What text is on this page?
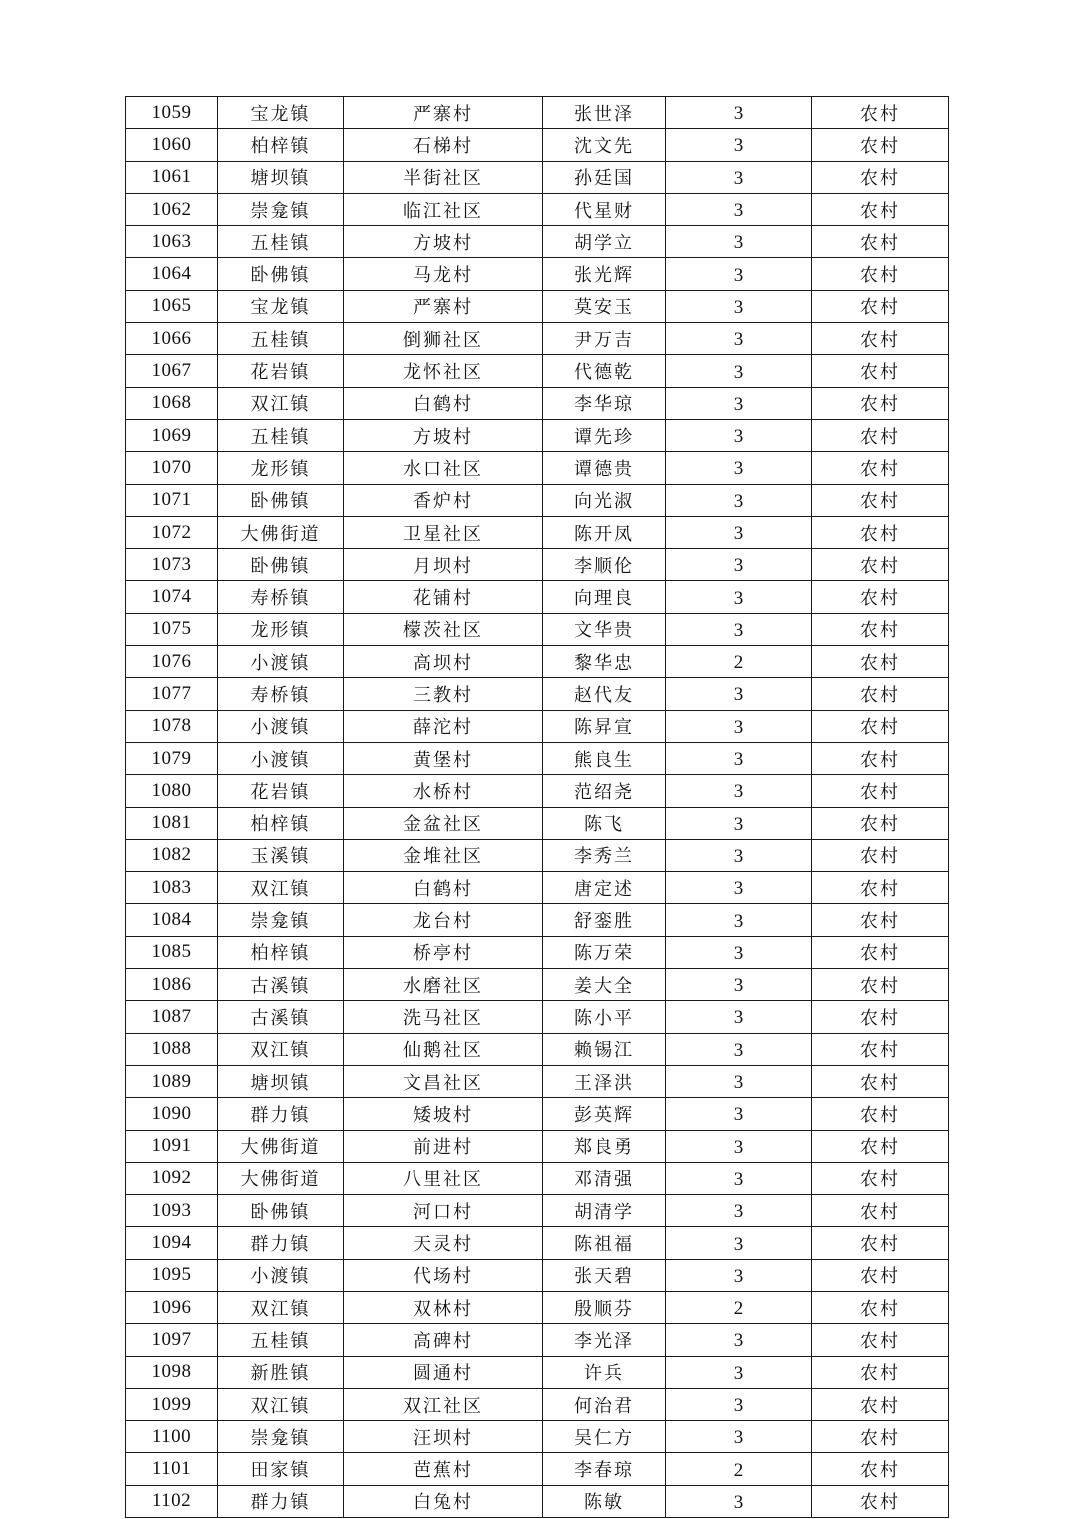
1059	宝龙镇	严寨村	张世泽	3	农村
1060	柏梓镇	石梯村	沈文先	3	农村
1061	塘坝镇	半街社区	孙廷国	3	农村
1062	崇龛镇	临江社区	代星财	3	农村
1063	五桂镇	方坡村	胡学立	3	农村
1064	卧佛镇	马龙村	张光辉	3	农村
1065	宝龙镇	严寨村	莫安玉	3	农村
1066	五桂镇	倒狮社区	尹万吉	3	农村
1067	花岩镇	龙怀社区	代德乾	3	农村
1068	双江镇	白鹤村	李华琼	3	农村
1069	五桂镇	方坡村	谭先珍	3	农村
1070	龙形镇	水口社区	谭德贵	3	农村
1071	卧佛镇	香炉村	向光淑	3	农村
1072	大佛街道	卫星社区	陈开凤	3	农村
1073	卧佛镇	月坝村	李顺伦	3	农村
1074	寿桥镇	花铺村	向理良	3	农村
1075	龙形镇	檬茨社区	文华贵	3	农村
1076	小渡镇	高坝村	黎华忠	2	农村
1077	寿桥镇	三教村	赵代友	3	农村
1078	小渡镇	薛沱村	陈昇宣	3	农村
1079	小渡镇	黄堡村	熊良生	3	农村
1080	花岩镇	水桥村	范绍尧	3	农村
1081	柏梓镇	金盆社区	陈飞	3	农村
1082	玉溪镇	金堆社区	李秀兰	3	农村
1083	双江镇	白鹤村	唐定述	3	农村
1084	崇龛镇	龙台村	舒銮胜	3	农村
1085	柏梓镇	桥亭村	陈万荣	3	农村
1086	古溪镇	水磨社区	姜大全	3	农村
1087	古溪镇	洗马社区	陈小平	3	农村
1088	双江镇	仙鹅社区	赖锡江	3	农村
1089	塘坝镇	文昌社区	王泽洪	3	农村
1090	群力镇	矮坡村	彭英辉	3	农村
1091	大佛街道	前进村	郑良勇	3	农村
1092	大佛街道	八里社区	邓清强	3	农村
1093	卧佛镇	河口村	胡清学	3	农村
1094	群力镇	天灵村	陈祖福	3	农村
1095	小渡镇	代场村	张天碧	3	农村
1096	双江镇	双林村	殷顺芬	2	农村
1097	五桂镇	高碑村	李光泽	3	农村
1098	新胜镇	圆通村	许兵	3	农村
1099	双江镇	双江社区	何治君	3	农村
1100	崇龛镇	汪坝村	吴仁方	3	农村
1101	田家镇	芭蕉村	李春琼	2	农村
1102	群力镇	白兔村	陈敏	3	农村
